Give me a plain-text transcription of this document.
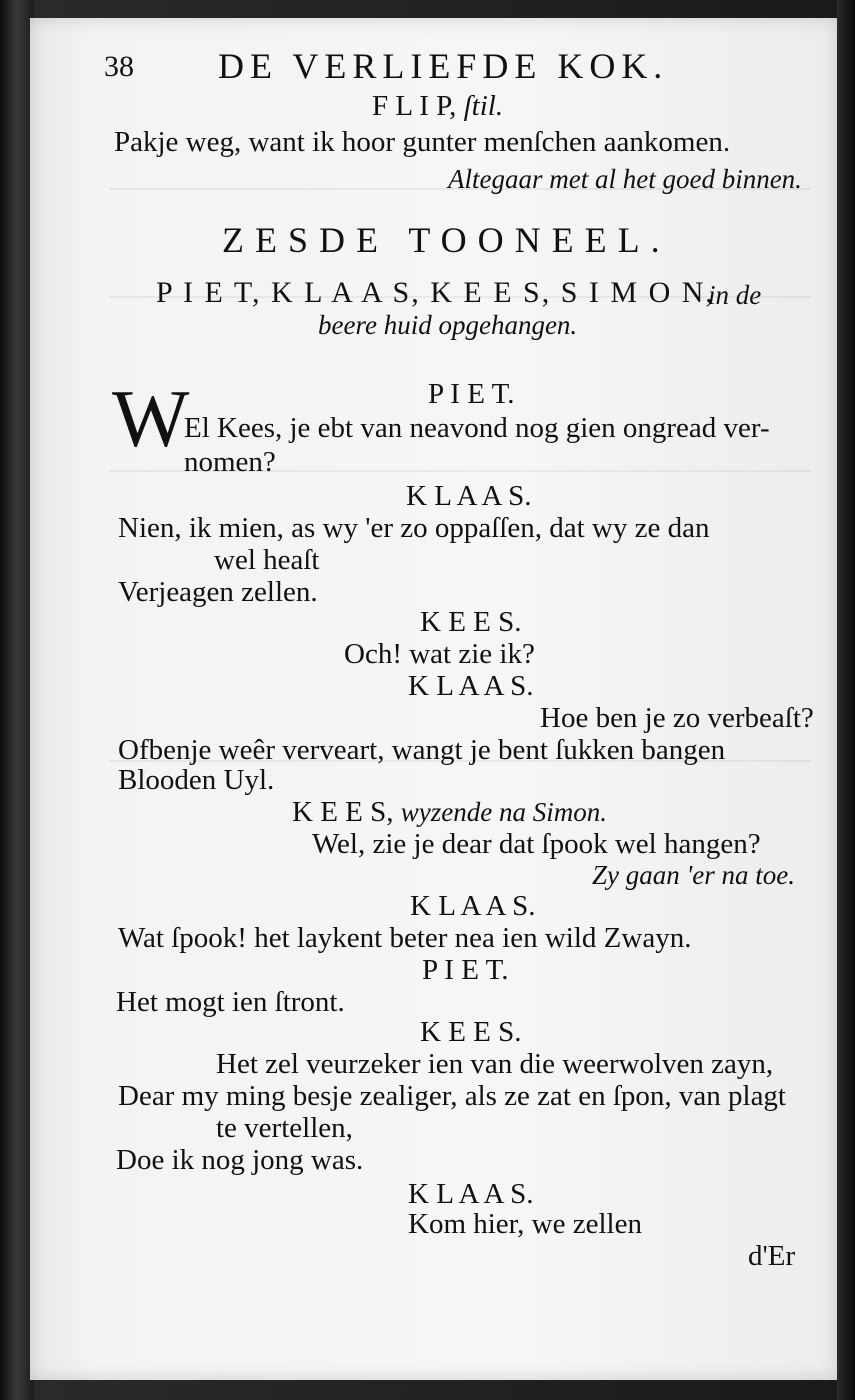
38 DE VERLIEFDE KOK.
F L I P, ſtil.
Pakje weg, want ik hoor gunter menſchen aankomen.
Altegaar met al het goed binnen.
ZESDE TOONEEL.
P I E T, K L A A S, K E E S, S I M O N,
in de
beere huid opgehangen.
P I E T.
W
El Kees, je ebt van neavond nog gien ongread ver-
nomen?
K L A A S.
Nien, ik mien, as wy 'er zo oppaſſen, dat wy ze dan
wel heaſt
Verjeagen zellen.
K E E S.
Och! wat zie ik?
K L A A S.
Hoe ben je zo verbeaſt?
Ofbenje weêr verveart, wangt je bent ſukken bangen
Blooden Uyl.
K E E S, wyzende na Simon.
Wel, zie je dear dat ſpook wel hangen?
Zy gaan 'er na toe.
K L A A S.
Wat ſpook! het laykent beter nea ien wild Zwayn.
P I E T.
Het mogt ien ſtront.
K E E S.
Het zel veurzeker ien van die weerwolven zayn,
Dear my ming besje zealiger, als ze zat en ſpon, van plagt
te vertellen,
Doe ik nog jong was.
K L A A S.
Kom hier, we zellen
d'Er
